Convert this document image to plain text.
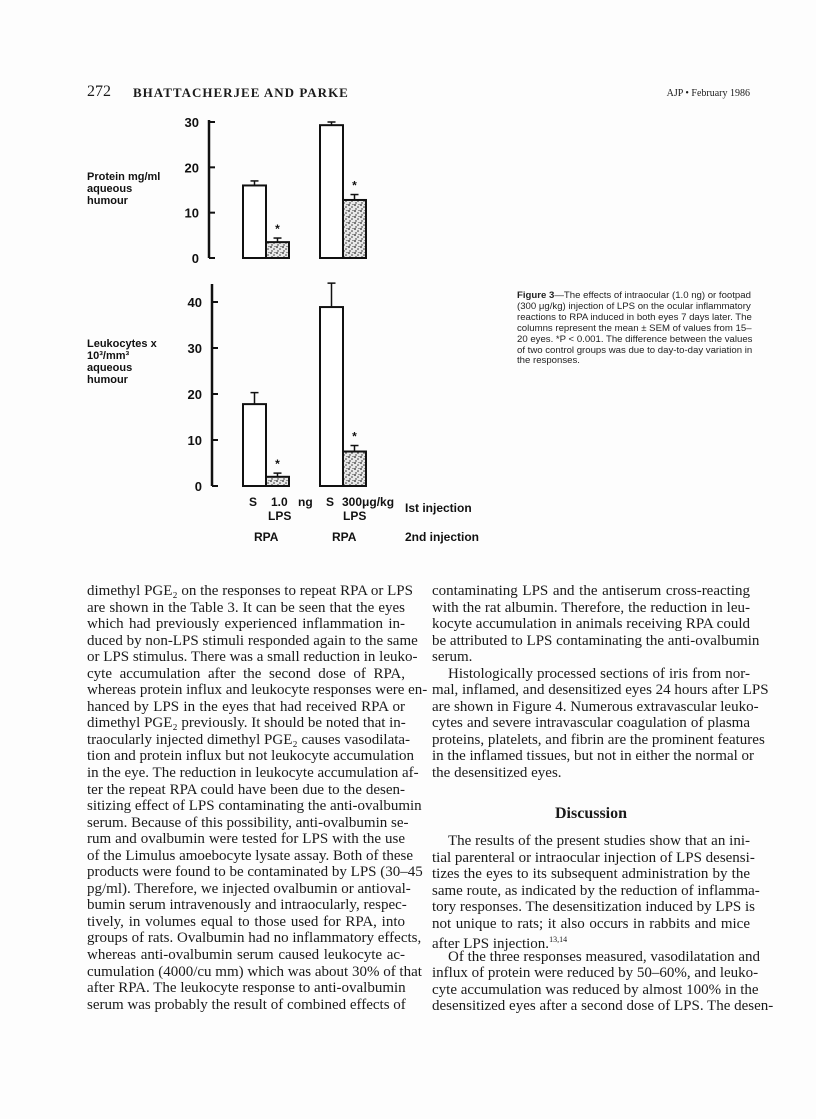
272 BHATTACHERJEE AND PARKE	AJP • February 1986
0
10
20
30
Protein mg/ml
aqueous
humour
*
*
0
10
20
30
40
Leukocytes x
10³/mm³
aqueous
humour
*
*
S 1.0 ng
LPS
S 300μg/kg
LPS
Ist injection
RPA	RPA	2nd injection
Figure 3—The effects of intraocular (1.0 ng) or footpad (300 μg/kg) injection of LPS on the ocular inflammatory reactions to RPA induced in both eyes 7 days later. The columns represent the mean ± SEM of values from 15–20 eyes. *P < 0.001. The difference between the values of two control groups was due to day-to-day variation in the responses.
dimethyl PGE₂ on the responses to repeat RPA or LPS
are shown in the Table 3. It can be seen that the eyes
which had previously experienced inflammation in-
duced by non-LPS stimuli responded again to the same
or LPS stimulus. There was a small reduction in leuko-
cyte accumulation after the second dose of RPA,
whereas protein influx and leukocyte responses were en-
hanced by LPS in the eyes that had received RPA or
dimethyl PGE₂ previously. It should be noted that in-
traocularly injected dimethyl PGE₂ causes vasodilata-
tion and protein influx but not leukocyte accumulation
in the eye. The reduction in leukocyte accumulation af-
ter the repeat RPA could have been due to the desen-
sitizing effect of LPS contaminating the anti-ovalbumin
serum. Because of this possibility, anti-ovalbumin se-
rum and ovalbumin were tested for LPS with the use
of the Limulus amoebocyte lysate assay. Both of these
products were found to be contaminated by LPS (30–45
pg/ml). Therefore, we injected ovalbumin or antioval-
bumin serum intravenously and intraocularly, respec-
tively, in volumes equal to those used for RPA, into
groups of rats. Ovalbumin had no inflammatory effects,
whereas anti-ovalbumin serum caused leukocyte ac-
cumulation (4000/cu mm) which was about 30% of that
after RPA. The leukocyte response to anti-ovalbumin
serum was probably the result of combined effects of
contaminating LPS and the antiserum cross-reacting
with the rat albumin. Therefore, the reduction in leu-
kocyte accumulation in animals receiving RPA could
be attributed to LPS contaminating the anti-ovalbumin
serum.
Histologically processed sections of iris from nor-
mal, inflamed, and desensitized eyes 24 hours after LPS
are shown in Figure 4. Numerous extravascular leuko-
cytes and severe intravascular coagulation of plasma
proteins, platelets, and fibrin are the prominent features
in the inflamed tissues, but not in either the normal or
the desensitized eyes.
Discussion
The results of the present studies show that an ini-
tial parenteral or intraocular injection of LPS desensi-
tizes the eyes to its subsequent administration by the
same route, as indicated by the reduction of inflamma-
tory responses. The desensitization induced by LPS is
not unique to rats; it also occurs in rabbits and mice
after LPS injection.$^{13,14}$
Of the three responses measured, vasodilatation and
influx of protein were reduced by 50–60%, and leuko-
cyte accumulation was reduced by almost 100% in the
desensitized eyes after a second dose of LPS. The desen-
